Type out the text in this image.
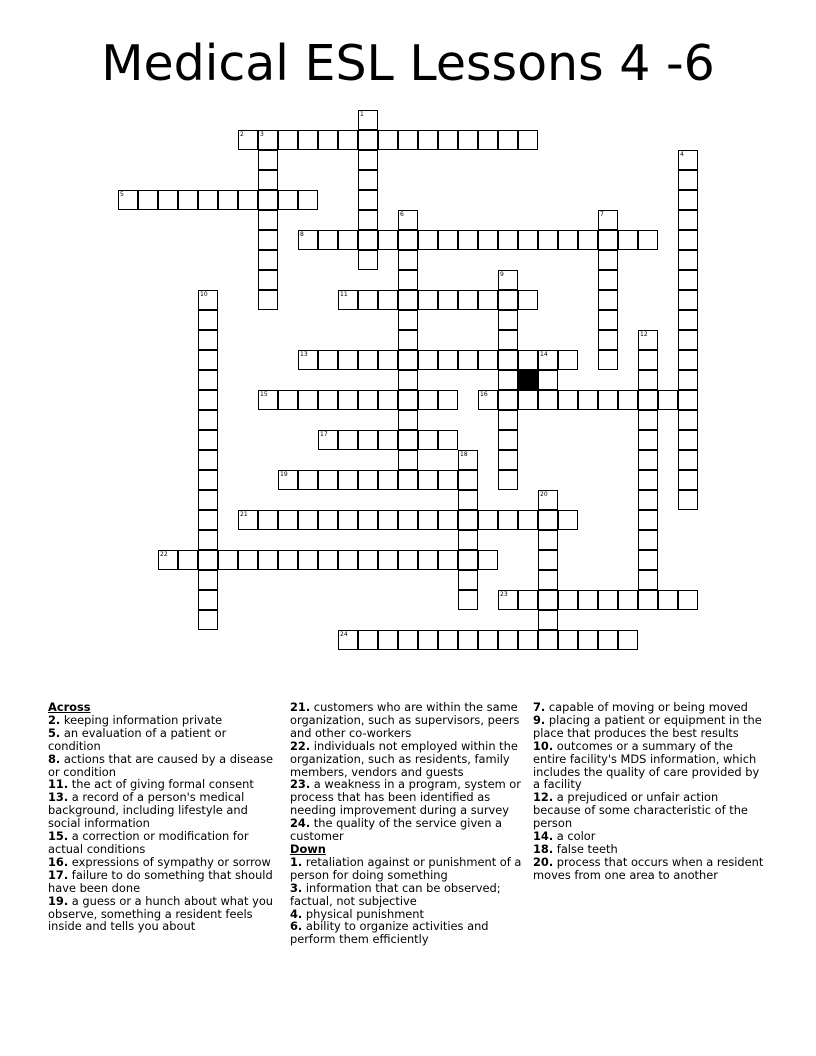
Medical ESL Lessons 4 -6
2
5
8
11
13
15	16
17
19
21
22
23
24
1
3
4
6	7
9
10
12
14
18
20
Across
2. keeping information private
5. an evaluation of a patient or condition
8. actions that are caused by a disease or condition
11. the act of giving formal consent
13. a record of a person's medical background, including lifestyle and social information
15. a correction or modification for actual conditions
16. expressions of sympathy or sorrow
17. failure to do something that should have been done
19. a guess or a hunch about what you observe, something a resident feels inside and tells you about
21. customers who are within the same organization, such as supervisors, peers and other co-workers
22. individuals not employed within the organization, such as residents, family members, vendors and guests
23. a weakness in a program, system or process that has been identified as needing improvement during a survey
24. the quality of the service given a customer
Down
1. retaliation against or punishment of a person for doing something
3. information that can be observed; factual, not subjective
4. physical punishment
6. ability to organize activities and perform them efficiently
7. capable of moving or being moved
9. placing a patient or equipment in the place that produces the best results
10. outcomes or a summary of the entire facility's MDS information, which includes the quality of care provided by a facility
12. a prejudiced or unfair action because of some characteristic of the person
14. a color
18. false teeth
20. process that occurs when a resident moves from one area to another
